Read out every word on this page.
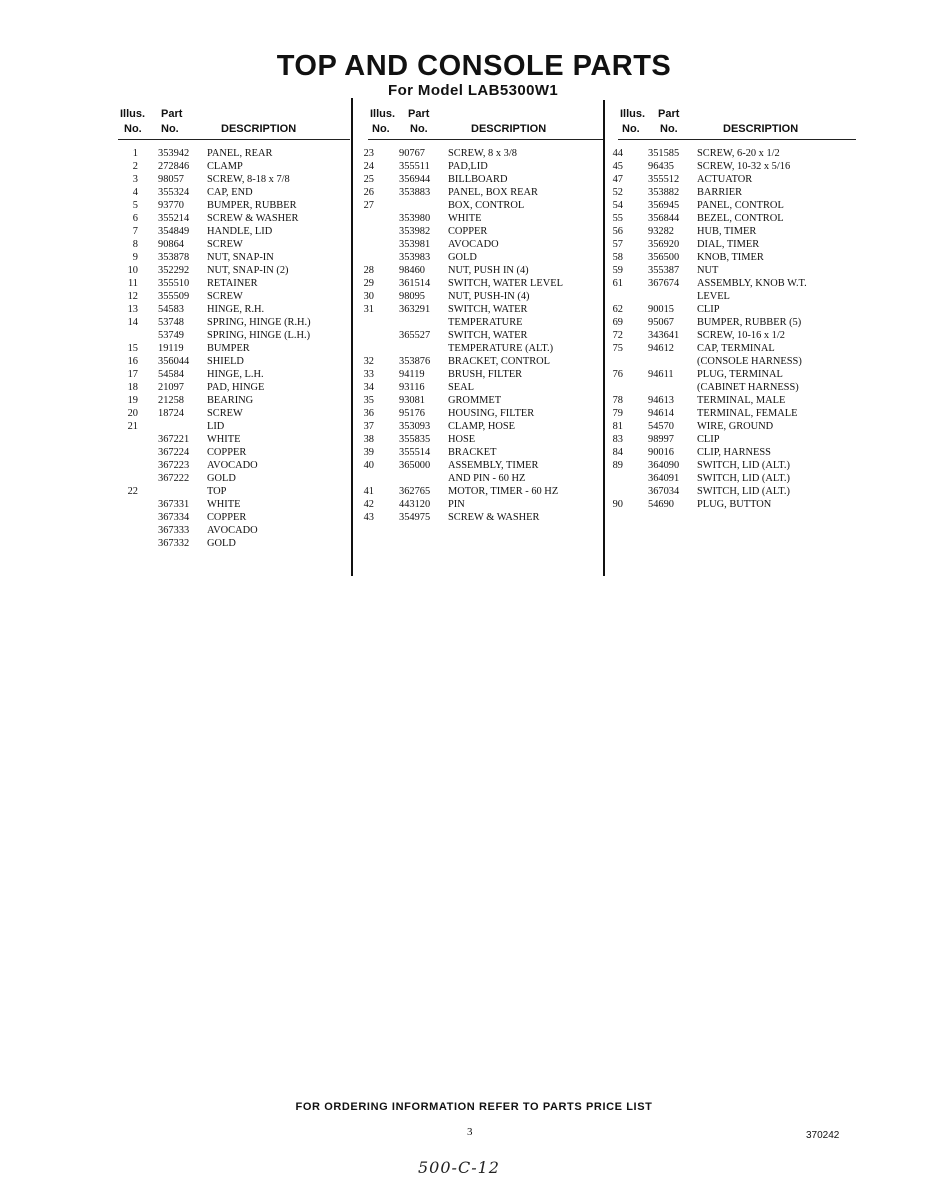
TOP AND CONSOLE PARTS
For Model LAB5300W1
Illus. Part
No. No.	DESCRIPTION
1 353942 PANEL, REAR
2 272846 CLAMP
3 98057 SCREW, 8-18 x 7/8
4 355324 CAP, END
5 93770 BUMPER, RUBBER
6 355214 SCREW & WASHER
7 354849 HANDLE, LID
8 90864 SCREW
9 353878 NUT, SNAP-IN
10 352292 NUT, SNAP-IN (2)
11 355510 RETAINER
12 355509 SCREW
13 54583 HINGE, R.H.
14 53748 SPRING, HINGE (R.H.)
53749 SPRING, HINGE (L.H.)
15 19119 BUMPER
16 356044 SHIELD
17 54584 HINGE, L.H.
18 21097 PAD, HINGE
19 21258 BEARING
20 18724 SCREW
21	LID
367221 WHITE
367224 COPPER
367223 AVOCADO
367222 GOLD
22	TOP
367331 WHITE
367334 COPPER
367333 AVOCADO
367332 GOLD
Illus. Part
No. No.	DESCRIPTION
23 90767 SCREW, 8 x 3/8
24 355511 PAD,LID
25 356944 BILLBOARD
26 353883 PANEL, BOX REAR
27	BOX, CONTROL
353980 WHITE
353982 COPPER
353981 AVOCADO
353983 GOLD
28 98460 NUT, PUSH IN (4)
29 361514 SWITCH, WATER LEVEL
30 98095 NUT, PUSH-IN (4)
31 363291 SWITCH, WATER
TEMPERATURE
365527 SWITCH, WATER
TEMPERATURE (ALT.)
32 353876 BRACKET, CONTROL
33 94119 BRUSH, FILTER
34 93116 SEAL
35 93081 GROMMET
36 95176 HOUSING, FILTER
37 353093 CLAMP, HOSE
38 355835 HOSE
39 355514 BRACKET
40 365000 ASSEMBLY, TIMER
AND PIN - 60 HZ
41 362765 MOTOR, TIMER - 60 HZ
42 443120 PIN
43 354975 SCREW & WASHER
Illus. Part
No. No.	DESCRIPTION
44 351585 SCREW, 6-20 x 1/2
45 96435 SCREW, 10-32 x 5/16
47 355512 ACTUATOR
52 353882 BARRIER
54 356945 PANEL, CONTROL
55 356844 BEZEL, CONTROL
56 93282 HUB, TIMER
57 356920 DIAL, TIMER
58 356500 KNOB, TIMER
59 355387 NUT
61 367674 ASSEMBLY, KNOB W.T.
LEVEL
62 90015 CLIP
69 95067 BUMPER, RUBBER (5)
72 343641 SCREW, 10-16 x 1/2
75 94612 CAP, TERMINAL
(CONSOLE HARNESS)
76 94611 PLUG, TERMINAL
(CABINET HARNESS)
78 94613 TERMINAL, MALE
79 94614 TERMINAL, FEMALE
81 54570 WIRE, GROUND
83 98997 CLIP
84 90016 CLIP, HARNESS
89 364090 SWITCH, LID (ALT.)
364091 SWITCH, LID (ALT.)
367034 SWITCH, LID (ALT.)
90 54690 PLUG, BUTTON
FOR ORDERING INFORMATION REFER TO PARTS PRICE LIST
3	370242
500-C-12
